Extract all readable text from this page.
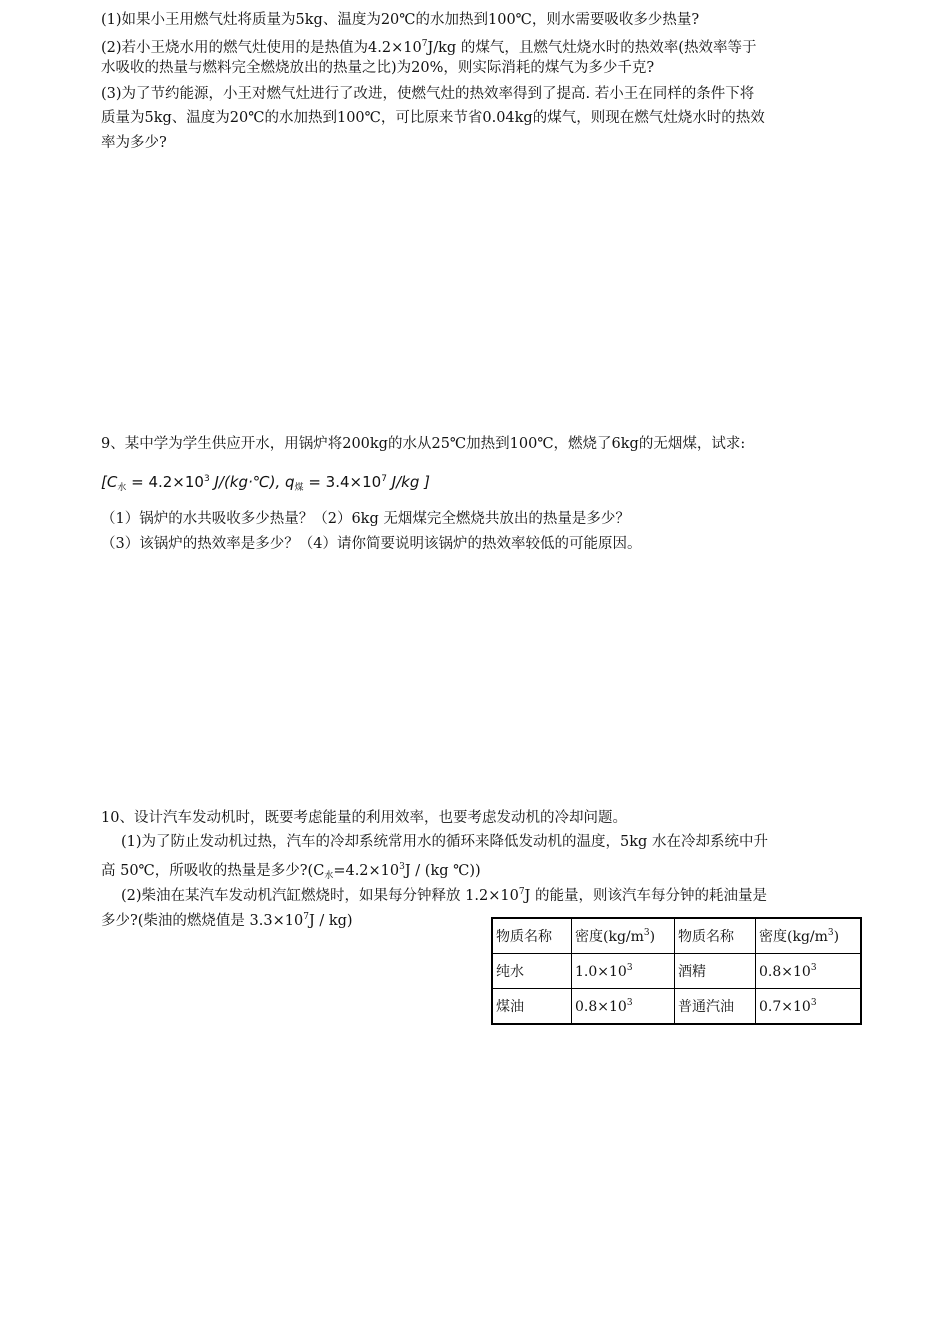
(1)如果小王用燃气灶将质量为5kg、温度为20℃的水加热到100℃，则水需要吸收多少热量?
(2)若小王烧水用的燃气灶使用的是热值为$4.2\times 10^7J/kg$ 的煤气，且燃气灶烧水时的热效率(热效率等于
水吸收的热量与燃料完全燃烧放出的热量之比)为20%，则实际消耗的煤气为多少千克?
(3)为了节约能源，小王对燃气灶进行了改进，使燃气灶的热效率得到了提高. 若小王在同样的条件下将
质量为5kg、温度为20℃的水加热到100℃，可比原来节省0.04kg的煤气，则现在燃气灶烧水时的热效
率为多少?
9、某中学为学生供应开水，用锅炉将200kg的水从25℃加热到100℃，燃烧了6kg的无烟煤，试求:
[$C_水 = 4.2\times 10^3$ J/(kg·℃), $q_煤 = 3.4\times 10^7$ J/kg ]
（1）锅炉的水共吸收多少热量？（2）6kg 无烟煤完全燃烧共放出的热量是多少？
（3）该锅炉的热效率是多少？（4）请你简要说明该锅炉的热效率较低的可能原因。
10、设计汽车发动机时，既要考虑能量的利用效率，也要考虑发动机的冷却问题。
(1)为了防止发动机过热，汽车的冷却系统常用水的循环来降低发动机的温度，5kg 水在冷却系统中升
高 50℃，所吸收的热量是多少$?(C_水=4.2\times 10^3J / (kg$ ℃))
(2)柴油在某汽车发动机汽缸燃烧时，如果每分钟释放 $1.2\times 10^7J$ 的能量，则该汽车每分钟的耗油量是
多少?(柴油的燃烧值是 $3.3\times 10^7J / kg$)
物质名称	密度$(kg/m^3)$	物质名称	密度$(kg/m^3)$
纯水	$1.0\times 10^3$	酒精	$0.8\times 10^3$
煤油	$0.8\times 10^3$	普通汽油	$0.7\times 10^3$
